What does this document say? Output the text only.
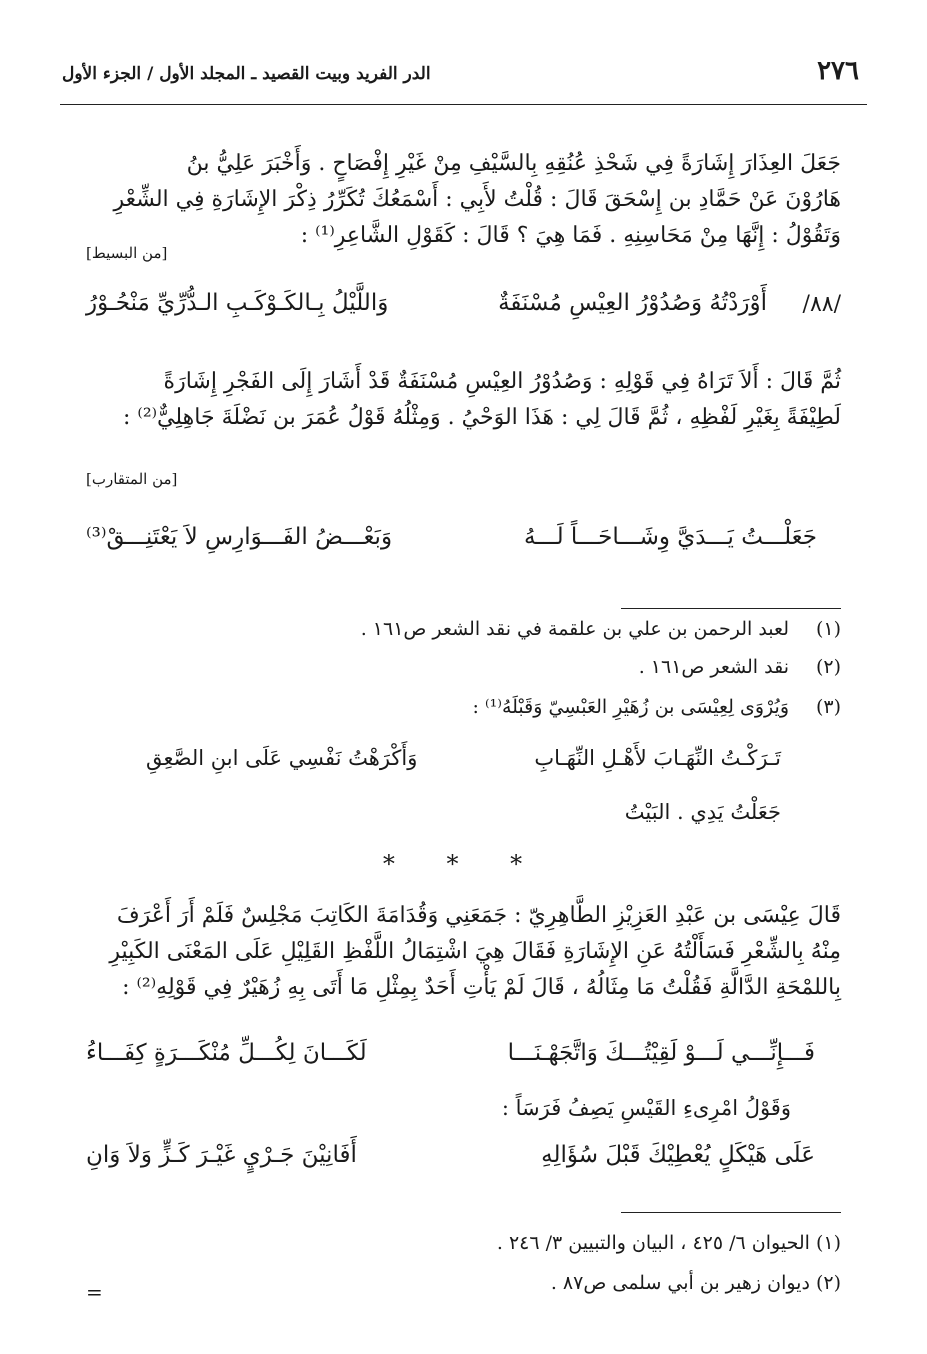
٢٧٦
الدر الفريد وبيت القصيد ـ المجلد الأول / الجزء الأول

جَعَلَ العِذَارَ إِشَارَةً فِي شَحْذِ عُنُقِهِ بِالسَّيْفِ مِنْ غَيْرِ إِفْصَاحٍ . وَأَخْبَرَ عَلِيُّ بنُ

هَارُوْنَ عَنْ حَمَّادِ بن إِسْحَقَ قَالَ : قُلْتُ لأَبِي : أَسْمَعُكَ تُكَرِّرُ ذِكْرَ الإِشَارَةِ فِي الشِّعْرِ

وَتَقُوْلُ : إِنَّهَا مِنْ مَحَاسِنِهِ . فَمَا هِيَ ؟ قَالَ : كَقَوْلِ الشَّاعِرِ⁽¹⁾ :

[من البسيط]
/٨٨/
أَوْرَدْتُهُ وَصُدُوْرُ العِيْسِ مُسْنَفَةٌ
وَاللَّيْلُ بِـالكَـوْكَـبِ الـدُّرِّيِّ مَنْحُـوْرُ

ثُمَّ قَالَ : أَلاَ تَرَاهُ فِي قَوْلِهِ : وَصُدُوْرُ العِيْسِ مُسْنَفَةٌ قَدْ أَشَارَ إِلَى الفَجْرِ إِشَارَةً

لَطِيْفَةً بِغَيْرِ لَفْظِهِ ، ثُمَّ قَالَ لِي : هَذَا الوَحْيُ . وَمِثْلُهُ قَوْلُ عُمَرَ بن نَضْلَةَ جَاهِلِيٌّ⁽²⁾ :

[من المتقارب]
جَعَلْـــتُ يَـــدَيَّ وِشَـــاحَـــاً لَـــهُ
وَبَعْـــضُ الفَـــوَارِسِ لاَ يَعْتَنِـــقْ⁽³⁾
(١)لعبد الرحمن بن علي بن علقمة في نقد الشعر ص١٦١ .
(٢)نقد الشعر ص١٦١ .
(٣)وَيُرْوَى لِعِيْسَى بن زُهَيْرِ العَبْسِيّ وَقَبْلَهُ⁽¹⁾ :
تَـرَكْـتُ النِّهَـابَ لأَهْـلِ النِّهَـابِ
وَأَكْرَهْتُ نَفْسِي عَلَى ابنِ الصَّعِقِ
جَعَلْتُ يَدِي . البَيْتُ
* * *

قَالَ عِيْسَى بن عَبْدِ العَزِيْزِ الطَّاهِرِيّ : جَمَعَنِي وَقُدَامَةَ الكَاتِبَ مَجْلِسٌ فَلَمْ أَرَ أَعْرَفَ

مِنْهُ بِالشِّعْرِ فَسَأَلْتُهُ عَنِ الإِشَارَةِ فَقَالَ هِيَ اشْتِمَالُ اللَّفْظِ القَلِيْلِ عَلَى المَعْنَى الكَبِيْرِ

بِاللمْحَةِ الدَّالَّةِ فَقُلْتُ مَا مِثَالُهُ ، قَالَ لَمْ يَأْتِ أَحَدٌ بِمِثْلِ مَا أَتَى بِهِ زُهَيْرٌ فِي قَوْلِهِ⁽²⁾ :

فَـــإِنِّـــي لَـــوْ لَقِيْتُـــكَ وَاتَّجَهْـنَـــا
لَكَـــانَ لِكُـــلِّ مُنْكَـــرَةٍ كِفَـــاءُ
وَقَوْلُ امْرِىءِ القَيْسِ يَصِفُ فَرَسَاً :
عَلَى هَيْكَلٍ يُعْطِيْكَ قَبْلَ سُؤَالِهِ
أَفَانِيْنَ جَـرْيٍ غَيْـرَ كَـزٍّ وَلاَ وَانِ
(١) الحيوان ٦/ ٤٢٥ ، البيان والتبيين ٣/ ٢٤٦ .
(٢) ديوان زهير بن أبي سلمى ص٨٧ .
=
